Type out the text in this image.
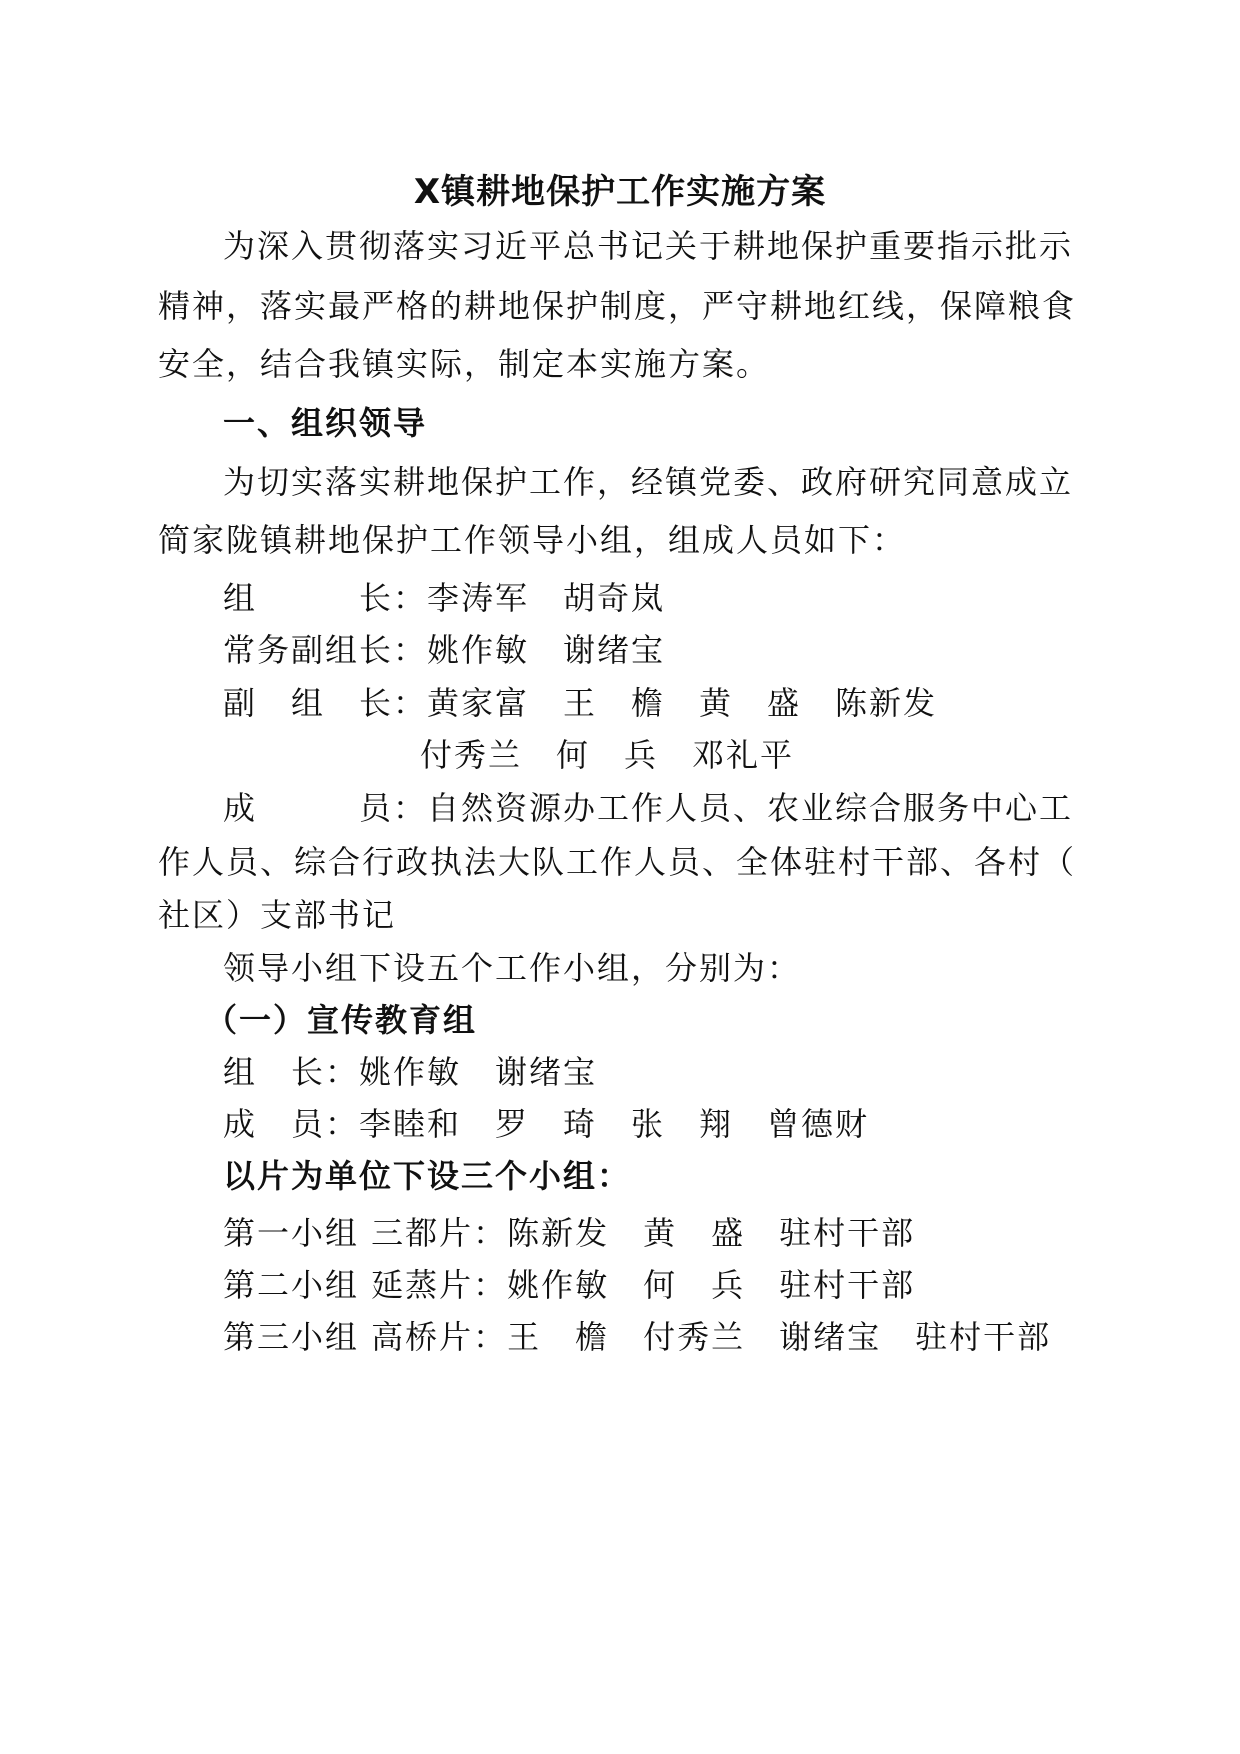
X镇耕地保护工作实施方案
为深入贯彻落实习近平总书记关于耕地保护重要指示批示
精神，落实最严格的耕地保护制度，严守耕地红线，保障粮食
安全，结合我镇实际，制定本实施方案。
一、组织领导
为切实落实耕地保护工作，经镇党委、政府研究同意成立
简家陇镇耕地保护工作领导小组，组成人员如下：
组　　　长：李涛军　胡奇岚
常务副组长：姚作敏　谢绪宝
副　组　长：黄家富　王　檐　黄　盛　陈新发
付秀兰　何　兵　邓礼平
成　　　员：自然资源办工作人员、农业综合服务中心工
作人员、综合行政执法大队工作人员、全体驻村干部、各村（
社区）支部书记
领导小组下设五个工作小组，分别为：
（一）宣传教育组
组　长：姚作敏　谢绪宝
成　员：李睦和　罗　琦　张　翔　曾德财
以片为单位下设三个小组：
第一小组 三都片：陈新发　黄　盛　驻村干部
第二小组 延蒸片：姚作敏　何　兵　驻村干部
第三小组 高桥片：王　檐　付秀兰　谢绪宝　驻村干部
